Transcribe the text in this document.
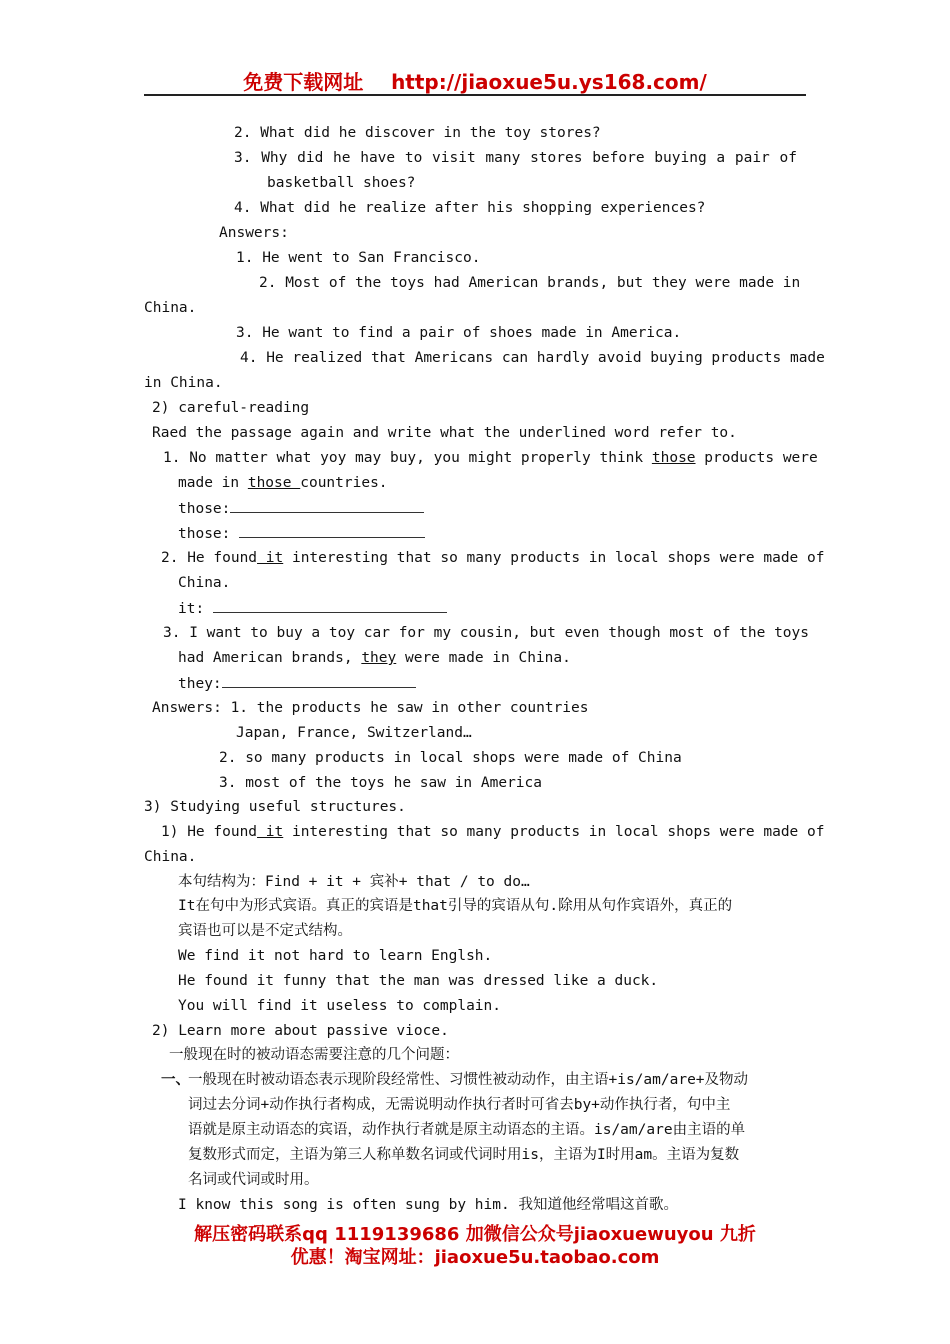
免费下载网址 http://jiaoxue5u.ys168.com/
2. What did he discover in the toy stores?
3. Why did he have to visit many stores before buying a pair of
basketball shoes?
4. What did he realize after his shopping experiences?
Answers:
1. He went to San Francisco.
2. Most of the toys had American brands, but they were made in
China.
3. He want to find a pair of shoes made in America.
4. He realized that Americans can hardly avoid buying products made
in China.
2) careful-reading
Raed the passage again and write what the underlined word refer to.
1. No matter what yoy may buy, you might properly think those products were
made in those countries.
those:
those:
2. He found it interesting that so many products in local shops were made of
China.
it:
3. I want to buy a toy car for my cousin, but even though most of the toys
had American brands, they were made in China.
they:
Answers: 1. the products he saw in other countries
Japan, France, Switzerland…
2. so many products in local shops were made of China
3. most of the toys he saw in America
3) Studying useful structures.
1) He found it interesting that so many products in local shops were made of
China.
本句结构为：Find + it + 宾补+ that / to do…
It在句中为形式宾语。真正的宾语是that引导的宾语从句.除用从句作宾语外，真正的
宾语也可以是不定式结构。
We find it not hard to learn Englsh.
He found it funny that the man was dressed like a duck.
You will find it useless to complain.
2) Learn more about passive vioce.
一般现在时的被动语态需要注意的几个问题：
一、
一般现在时被动语态表示现阶段经常性、习惯性被动动作，由主语+is/am/are+及物动
词过去分词+动作执行者构成，无需说明动作执行者时可省去by+动作执行者，句中主
语就是原主动语态的宾语，动作执行者就是原主动语态的主语。is/am/are由主语的单
复数形式而定，主语为第三人称单数名词或代词时用is，主语为I时用am。主语为复数
名词或代词或时用。
I know this song is often sung by him. 我知道他经常唱这首歌。
解压密码联系qq 1119139686 加微信公众号jiaoxuewuyou 九折
优惠！淘宝网址：jiaoxue5u.taobao.com
